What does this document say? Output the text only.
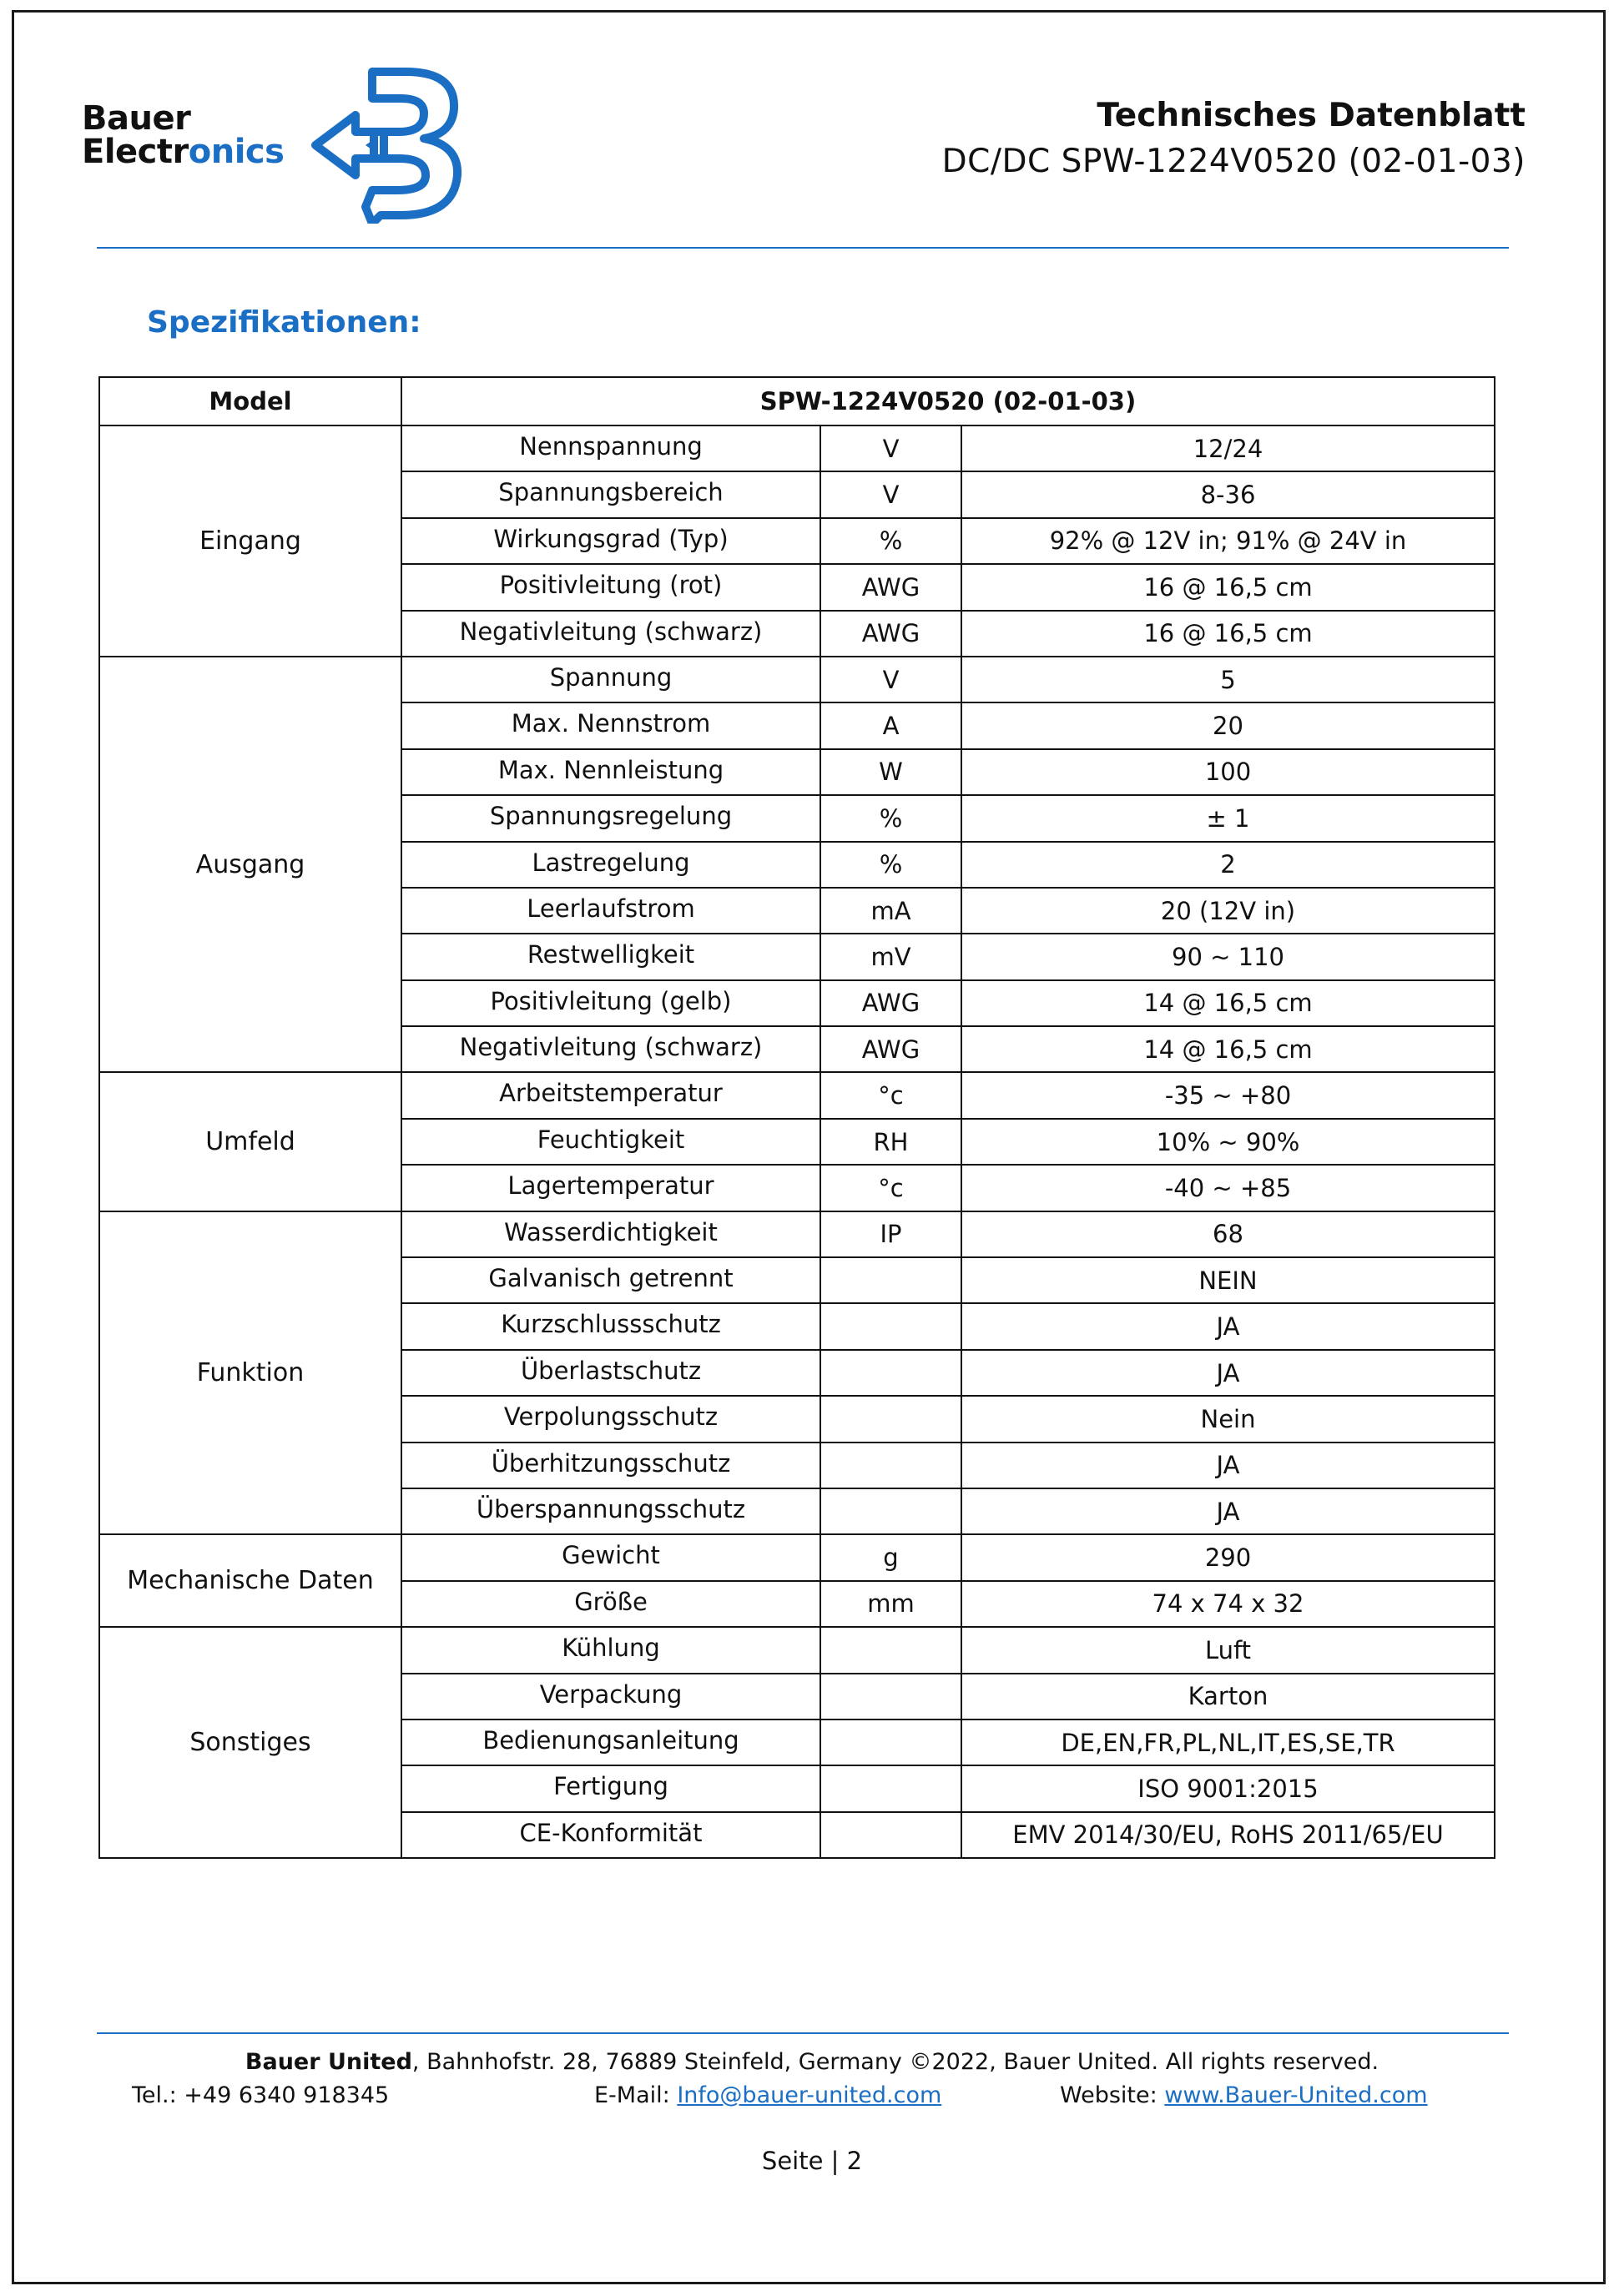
Bauer
Electronics
Technisches Datenblatt
DC/DC SPW-1224V0520 (02-01-03)
Spezifikationen:
Model	SPW-1224V0520 (02-01-03)		
Eingang	Nennspannung	V	12/24
	Spannungsbereich	V	8-36
	Wirkungsgrad (Typ)	%	92% @ 12V in; 91% @ 24V in
	Positivleitung (rot)	AWG	16 @ 16,5 cm
	Negativleitung (schwarz)	AWG	16 @ 16,5 cm
Ausgang	Spannung	V	5
	Max. Nennstrom	A	20
	Max. Nennleistung	W	100
	Spannungsregelung	%	± 1
	Lastregelung	%	2
	Leerlaufstrom	mA	20 (12V in)
	Restwelligkeit	mV	90 ~ 110
	Positivleitung (gelb)	AWG	14 @ 16,5 cm
	Negativleitung (schwarz)	AWG	14 @ 16,5 cm
Umfeld	Arbeitstemperatur	°c	-35 ~ +80
	Feuchtigkeit	RH	10% ~ 90%
	Lagertemperatur	°c	-40 ~ +85
Funktion	Wasserdichtigkeit	IP	68
	Galvanisch getrennt		NEIN
	Kurzschlussschutz		JA
	Überlastschutz		JA
	Verpolungsschutz		Nein
	Überhitzungsschutz		JA
	Überspannungsschutz		JA
Mechanische Daten	Gewicht	g	290
	Größe	mm	74 x 74 x 32
Sonstiges	Kühlung		Luft
	Verpackung		Karton
	Bedienungsanleitung		DE,EN,FR,PL,NL,IT,ES,SE,TR
	Fertigung		ISO 9001:2015
	CE-Konformität		EMV 2014/30/EU, RoHS 2011/65/EU
Bauer United, Bahnhofstr. 28, 76889 Steinfeld, Germany ©2022, Bauer United. All rights reserved.
Tel.: +49 6340 918345	E-Mail: Info@bauer-united.com	Website: www.Bauer-United.com
Seite | 2
